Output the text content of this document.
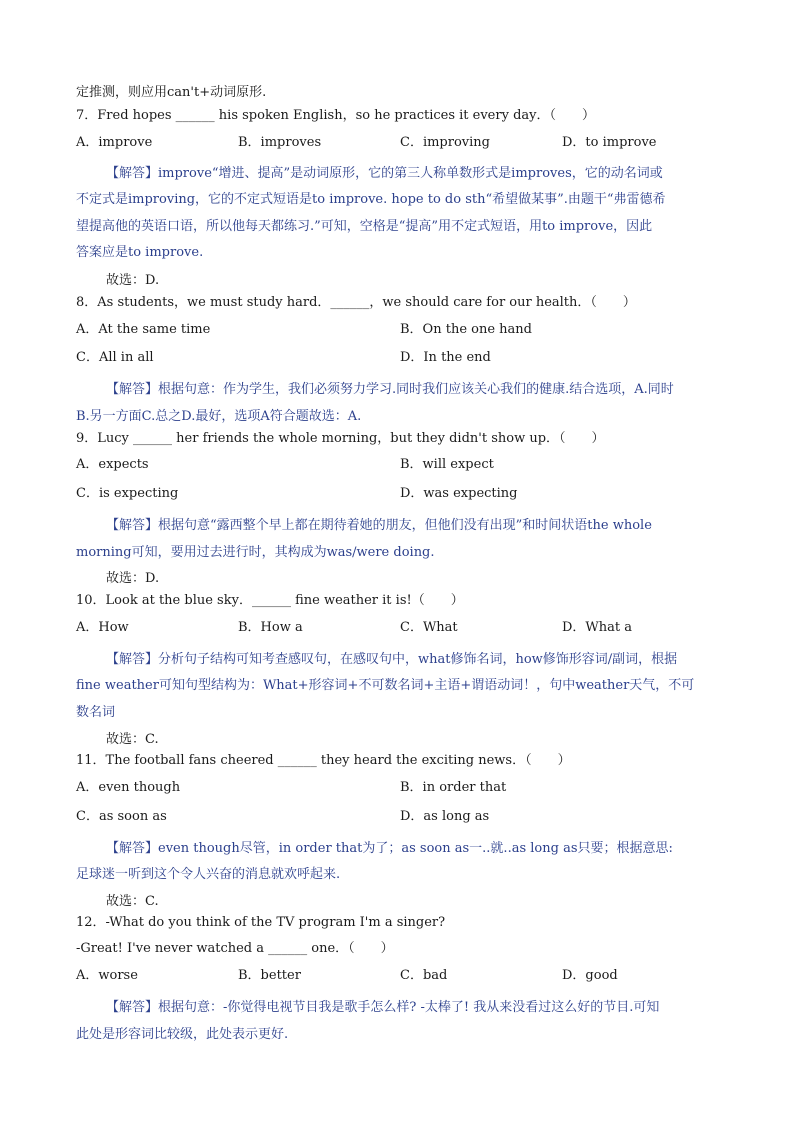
定推测，则应用can't+动词原形.
7．Fred hopes ______ his spoken English，so he practices it every day．（　　）
A．improve	B．improves	C．improving	D．to improve
【解答】improve“增进、提高”是动词原形，它的第三人称单数形式是improves，它的动名词或
不定式是improving，它的不定式短语是to improve. hope to do sth“希望做某事”.由题干“弗雷德希
望提高他的英语口语，所以他每天都练习.”可知，空格是“提高”用不定式短语，用to improve，因此
答案应是to improve.
故选：D.
8．As students，we must study hard．______，we should care for our health．（　　）
A．At the same time	B．On the one hand
C．All in all	D．In the end
【解答】根据句意：作为学生，我们必须努力学习.同时我们应该关心我们的健康.结合选项，A.同时
B.另一方面C.总之D.最好，选项A符合题故选：A.
9．Lucy ______ her friends the whole morning，but they didn't show up．（　　）
A．expects	B．will expect
C．is expecting	D．was expecting
【解答】根据句意“露西整个早上都在期待着她的朋友，但他们没有出现”和时间状语the whole
morning可知，要用过去进行时，其构成为was/were doing.
故选：D.
10．Look at the blue sky．______ fine weather it is!（　　）
A．How	B．How a	C．What	D．What a
【解答】分析句子结构可知考查感叹句，在感叹句中，what修饰名词，how修饰形容词/副词，根据
fine weather可知句型结构为：What+形容词+不可数名词+主语+谓语动词！，句中weather天气，不可
数名词
故选：C.
11．The football fans cheered ______ they heard the exciting news．（　　）
A．even though	B．in order that
C．as soon as	D．as long as
【解答】even though尽管，in order that为了；as soon as一..就..as long as只要；根据意思:
足球迷一听到这个令人兴奋的消息就欢呼起来.
故选：C.
12．-What do you think of the TV program I'm a singer?
-Great! I've never watched a ______ one．（　　）
A．worse	B．better	C．bad	D．good
【解答】根据句意：-你觉得电视节目我是歌手怎么样? -太棒了! 我从来没看过这么好的节目.可知
此处是形容词比较级，此处表示更好.
